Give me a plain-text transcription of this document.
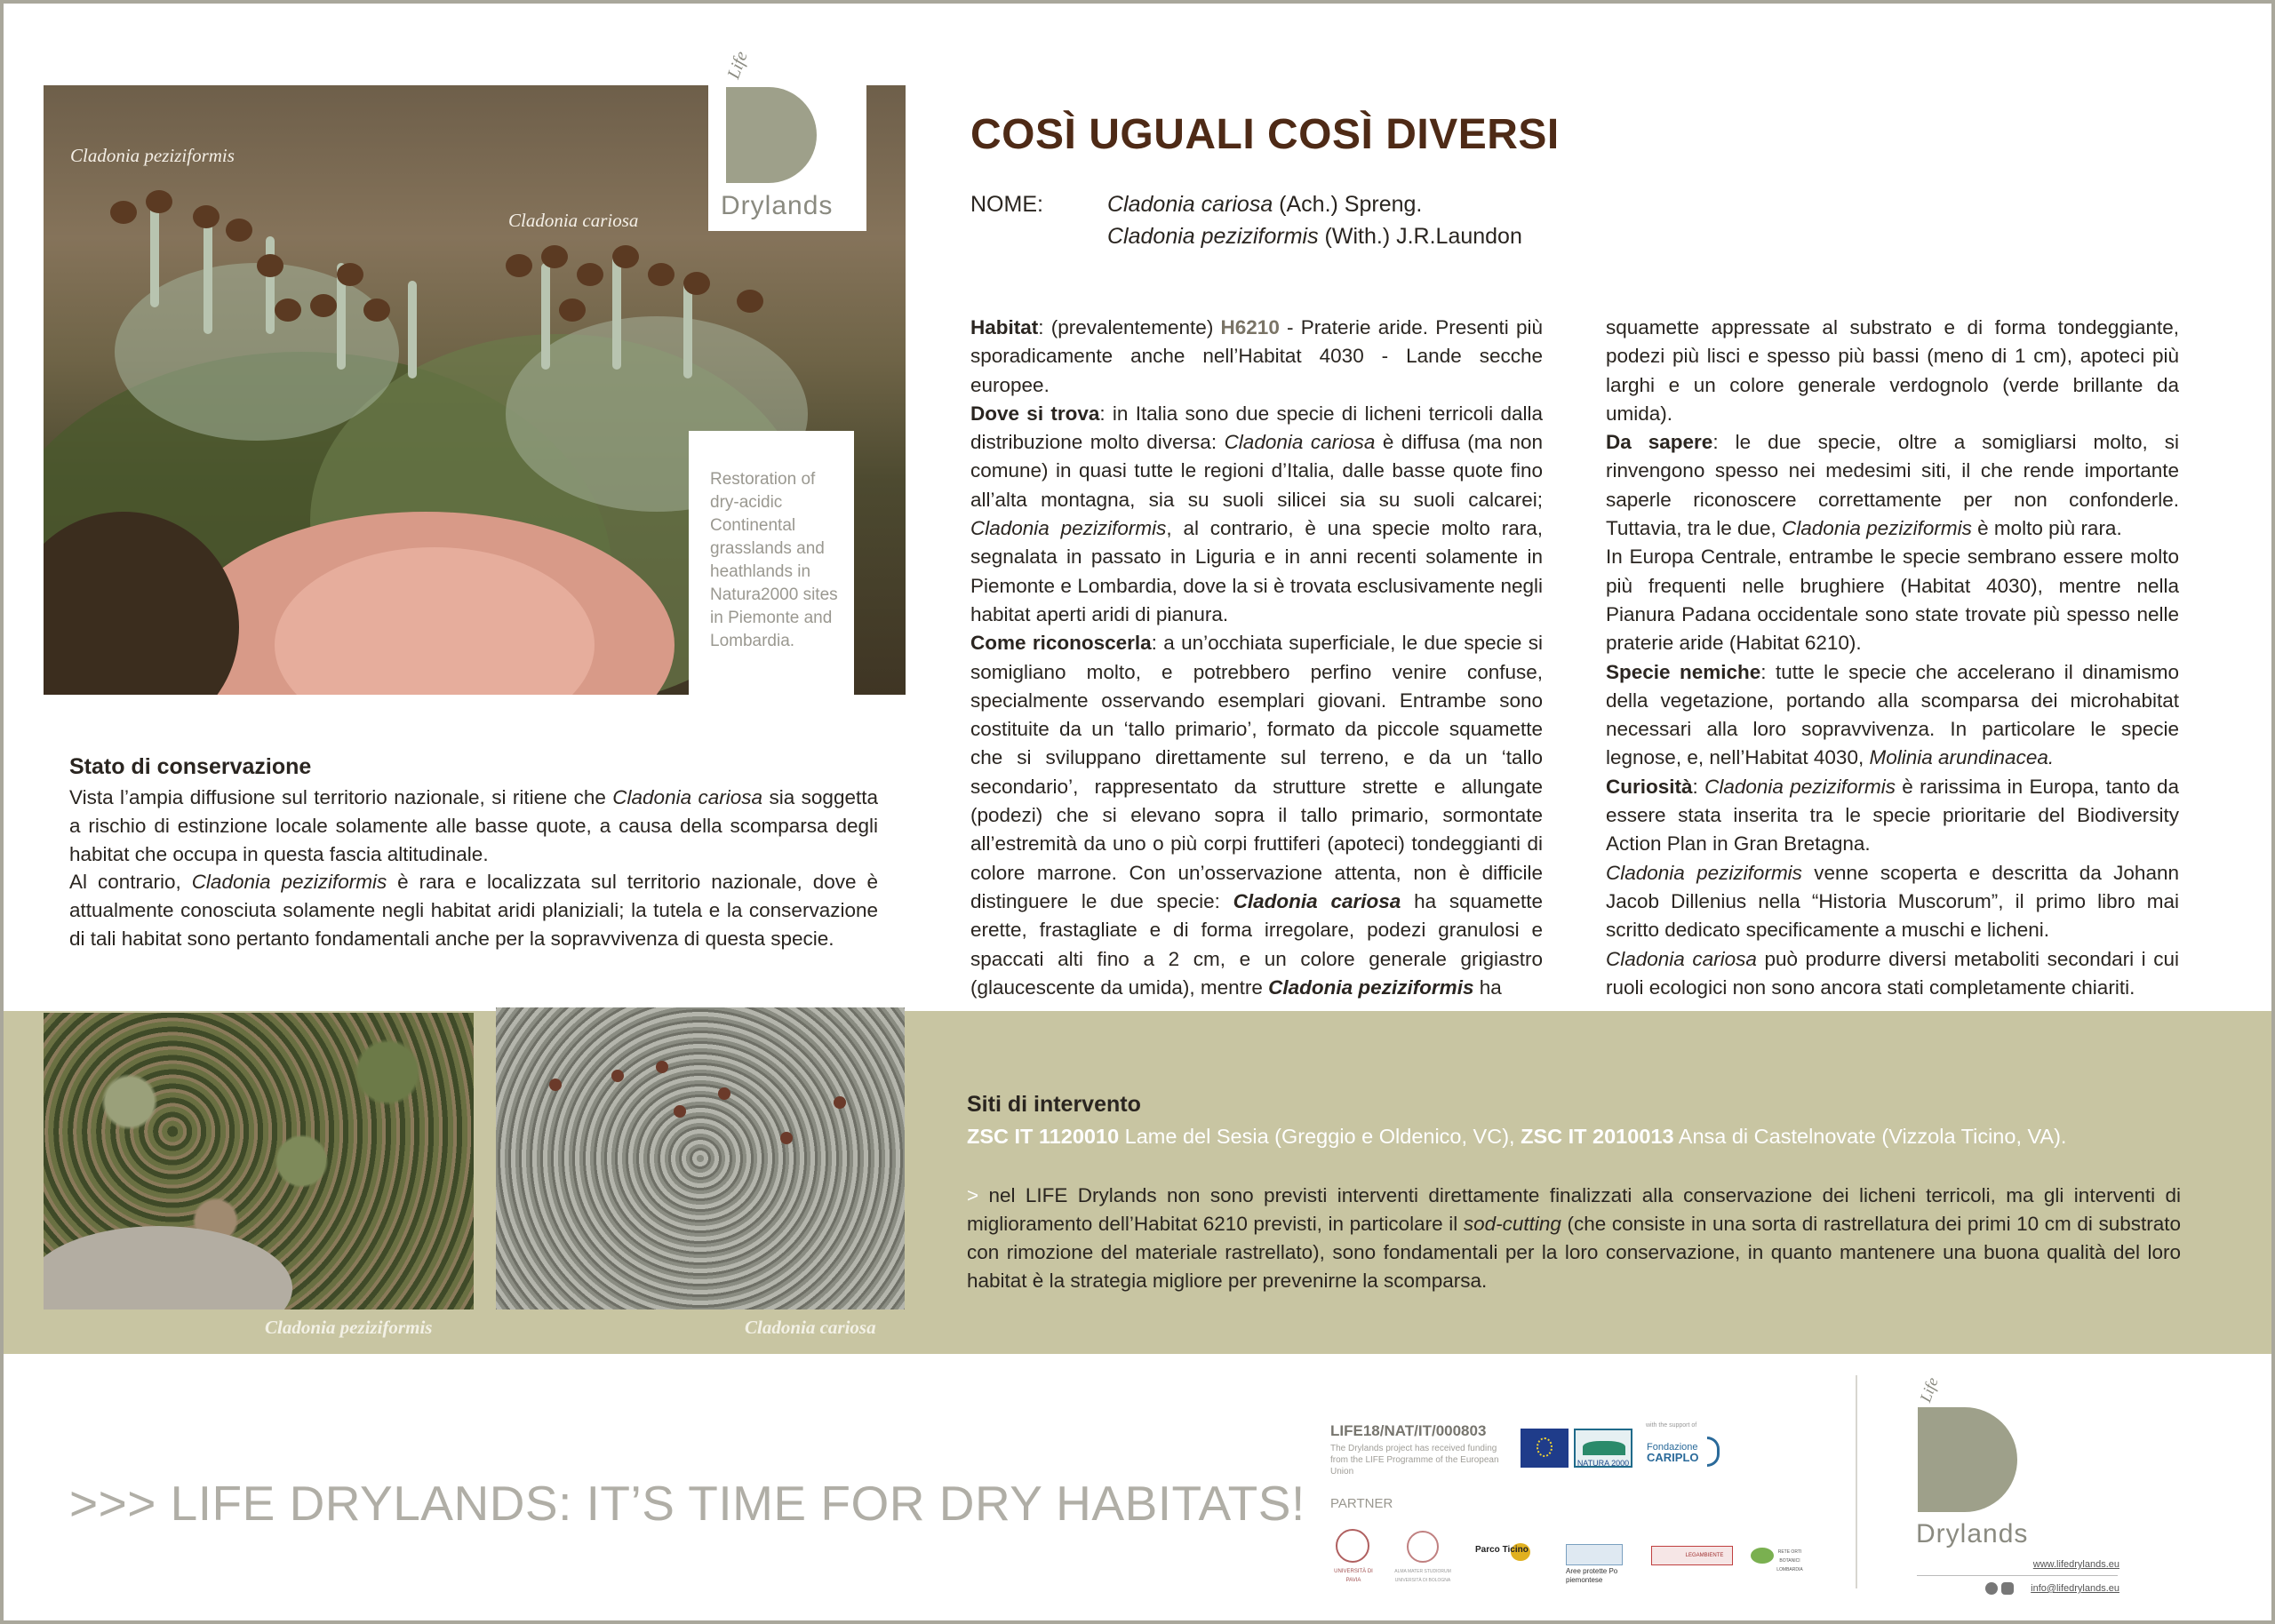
Cladonia peziziformis
Cladonia cariosa
Restoration of dry-acidic Continental grasslands and heathlands in Natura2000 sites in Piemonte and Lombardia.
Life
Drylands
COSÌ UGUALI COSÌ DIVERSI
NOME:	Cladonia cariosa (Ach.) Spreng.
Cladonia peziziformis (With.) J.R.Laundon
Habitat: (prevalentemente) H6210 - Praterie aride. Presenti più sporadicamente anche nell’Habitat 4030 - Lande secche europee.
Dove si trova: in Italia sono due specie di licheni terricoli dalla distribuzione molto diversa: Cladonia cariosa è diffusa (ma non comune) in quasi tutte le regioni d’Italia, dalle basse quote fino all’alta montagna, sia su suoli silicei sia su suoli calcarei; Cladonia peziziformis, al contrario, è una specie molto rara, segnalata in passato in Liguria e in anni recenti solamente in Piemonte e Lombardia, dove la si è trovata esclusivamente negli habitat aperti aridi di pianura.
Come riconoscerla: a un’occhiata superficiale, le due specie si somigliano molto, e potrebbero perfino venire confuse, specialmente osservando esemplari giovani. Entrambe sono costituite da un ‘tallo primario’, formato da piccole squamette che si sviluppano direttamente sul terreno, e da un ‘tallo secondario’, rappresentato da strutture strette e allungate (podezi) che si elevano sopra il tallo primario, sormontate all’estremità da uno o più corpi fruttiferi (apoteci) tondeggianti di colore marrone. Con un’osservazione attenta, non è difficile distinguere le due specie: Cladonia cariosa ha squamette erette, frastagliate e di forma irregolare, podezi granulosi e spaccati alti fino a 2 cm, e un colore generale grigiastro (glaucescente da umida), mentre Cladonia peziziformis ha
squamette appressate al substrato e di forma tondeggiante, podezi più lisci e spesso più bassi (meno di 1 cm), apoteci più larghi e un colore generale verdognolo (verde brillante da umida).
Da sapere: le due specie, oltre a somigliarsi molto, si rinvengono spesso nei medesimi siti, il che rende importante saperle riconoscere correttamente per non confonderle. Tuttavia, tra le due, Cladonia peziziformis è molto più rara.
In Europa Centrale, entrambe le specie sembrano essere molto più frequenti nelle brughiere (Habitat 4030), mentre nella Pianura Padana occidentale sono state trovate più spesso nelle praterie aride (Habitat 6210).
Specie nemiche: tutte le specie che accelerano il dinamismo della vegetazione, portando alla scomparsa dei microhabitat necessari alla loro sopravvivenza. In particolare le specie legnose, e, nell’Habitat 4030, Molinia arundinacea.
Curiosità: Cladonia peziziformis è rarissima in Europa, tanto da essere stata inserita tra le specie prioritarie del Biodiversity Action Plan in Gran Bretagna.
Cladonia peziziformis venne scoperta e descritta da Johann Jacob Dillenius nella “Historia Muscorum”, il primo libro mai scritto dedicato specificamente a muschi e licheni.
Cladonia cariosa può produrre diversi metaboliti secondari i cui ruoli ecologici non sono ancora stati completamente chiariti.
Stato di conservazione
Vista l’ampia diffusione sul territorio nazionale, si ritiene che Cladonia cariosa sia soggetta a rischio di estinzione locale solamente alle basse quote, a causa della scomparsa degli habitat che occupa in questa fascia altitudinale.
Al contrario, Cladonia peziziformis è rara e localizzata sul territorio nazionale, dove è attualmente conosciuta solamente negli habitat aridi planiziali; la tutela e la conservazione di tali habitat sono pertanto fondamentali anche per la sopravvivenza di questa specie.
Cladonia peziziformis	Cladonia cariosa
Siti di intervento
ZSC IT 1120010 Lame del Sesia (Greggio e Oldenico, VC), ZSC IT 2010013 Ansa di Castelnovate (Vizzola Ticino, VA).
> nel LIFE Drylands non sono previsti interventi direttamente finalizzati alla conservazione dei licheni terricoli, ma gli interventi di miglioramento dell’Habitat 6210 previsti, in particolare il sod-cutting (che consiste in una sorta di rastrellatura dei primi 10 cm di substrato con rimozione del materiale rastrellato), sono fondamentali per la loro conservazione, in quanto mantenere una buona qualità del loro habitat è la strategia migliore per prevenirne la scomparsa.
>>> LIFE DRYLANDS: IT’S TIME FOR DRY HABITATS!
LIFE18/NAT/IT/000803
The Drylands project has received funding from the LIFE Programme of the European Union
NATURA 2000
with the support of
Fondazione
CARIPLO
PARTNER
UNIVERSITÀ DI PAVIA
ALMA MATER STUDIORUM UNIVERSITÀ DI BOLOGNA
Parco Ticino
Aree protette Po piemontese
LEGAMBIENTE
RETE ORTI BOTANICI LOMBARDIA
Life
Drylands
www.lifedrylands.eu
info@lifedrylands.eu
